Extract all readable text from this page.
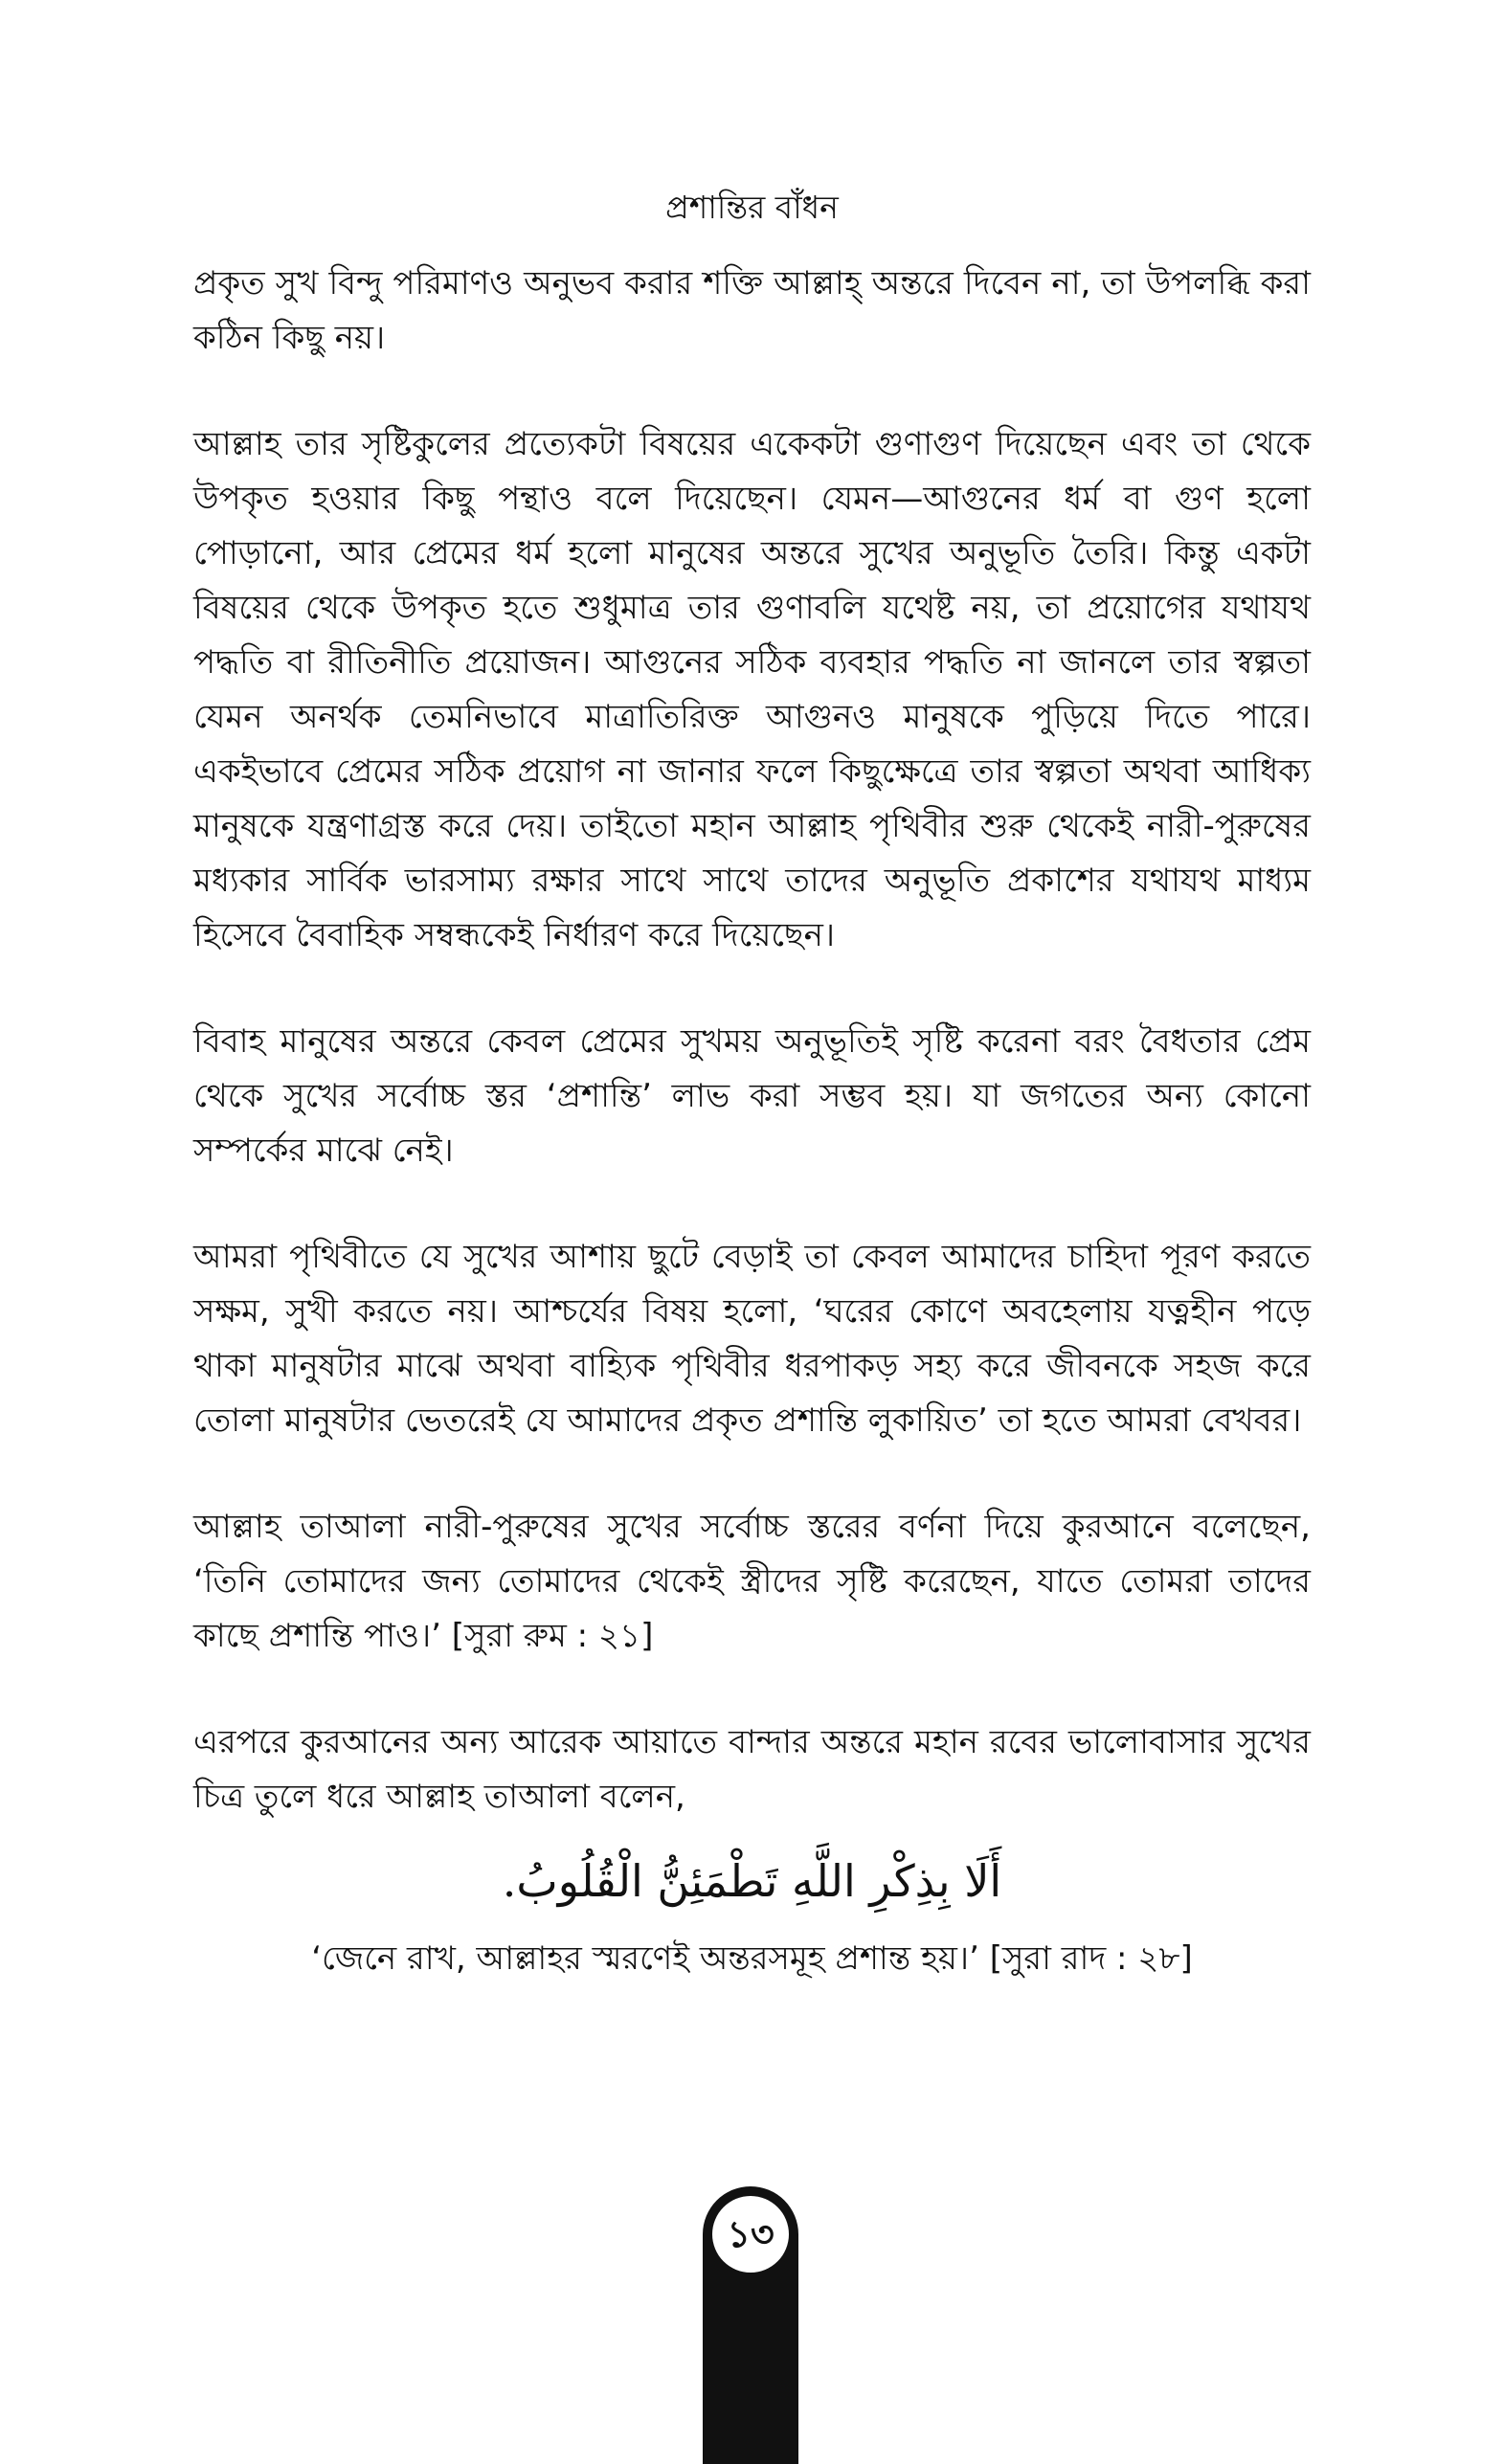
প্রশান্তির বাঁধন

প্রকৃত সুখ বিন্দু পরিমাণও অনুভব করার শক্তি আল্লাহ্ অন্তরে দিবেন না, তা উপলব্ধি করা কঠিন কিছু নয়।

আল্লাহ তার সৃষ্টিকুলের প্রত্যেকটা বিষয়ের একেকটা গুণাগুণ দিয়েছেন এবং তা থেকে উপকৃত হওয়ার কিছু পন্থাও বলে দিয়েছেন। যেমন—আগুনের ধর্ম বা গুণ হলো পোড়ানো, আর প্রেমের ধর্ম হলো মানুষের অন্তরে সুখের অনুভূতি তৈরি। কিন্তু একটা বিষয়ের থেকে উপকৃত হতে শুধুমাত্র তার গুণাবলি যথেষ্ট নয়, তা প্রয়োগের যথাযথ পদ্ধতি বা রীতিনীতি প্রয়োজন। আগুনের সঠিক ব্যবহার পদ্ধতি না জানলে তার স্বল্পতা যেমন অনর্থক তেমনিভাবে মাত্রাতিরিক্ত আগুনও মানুষকে পুড়িয়ে দিতে পারে। একইভাবে প্রেমের সঠিক প্রয়োগ না জানার ফলে কিছুক্ষেত্রে তার স্বল্পতা অথবা আধিক্য মানুষকে যন্ত্রণাগ্রস্ত করে দেয়। তাইতো মহান আল্লাহ পৃথিবীর শুরু থেকেই নারী-পুরুষের মধ্যকার সার্বিক ভারসাম্য রক্ষার সাথে সাথে তাদের অনুভূতি প্রকাশের যথাযথ মাধ্যম হিসেবে বৈবাহিক সম্বন্ধকেই নির্ধারণ করে দিয়েছেন।

বিবাহ মানুষের অন্তরে কেবল প্রেমের সুখময় অনুভূতিই সৃষ্টি করেনা বরং বৈধতার প্রেম থেকে সুখের সর্বোচ্চ স্তর ‘প্রশান্তি’ লাভ করা সম্ভব হয়। যা জগতের অন্য কোনো সম্পর্কের মাঝে নেই।

আমরা পৃথিবীতে যে সুখের আশায় ছুটে বেড়াই তা কেবল আমাদের চাহিদা পূরণ করতে সক্ষম, সুখী করতে নয়। আশ্চর্যের বিষয় হলো, ‘ঘরের কোণে অবহেলায় যত্নহীন পড়ে থাকা মানুষটার মাঝে অথবা বাহ্যিক পৃথিবীর ধরপাকড় সহ্য করে জীবনকে সহজ করে তোলা মানুষটার ভেতরেই যে আমাদের প্রকৃত প্রশান্তি লুকায়িত’ তা হতে আমরা বেখবর।

আল্লাহ তাআলা নারী-পুরুষের সুখের সর্বোচ্চ স্তরের বর্ণনা দিয়ে কুরআনে বলেছেন, ‘তিনি তোমাদের জন্য তোমাদের থেকেই স্ত্রীদের সৃষ্টি করেছেন, যাতে তোমরা তাদের কাছে প্রশান্তি পাও।’ [সুরা রুম : ২১]

এরপরে কুরআনের অন্য আরেক আয়াতে বান্দার অন্তরে মহান রবের ভালোবাসার সুখের চিত্র তুলে ধরে আল্লাহ তাআলা বলেন,

أَلَا بِذِكْرِ اللَّهِ تَطْمَئِنُّ الْقُلُوبُ.

‘জেনে রাখ, আল্লাহর স্মরণেই অন্তরসমূহ প্রশান্ত হয়।’ [সুরা রাদ : ২৮]

১৩
